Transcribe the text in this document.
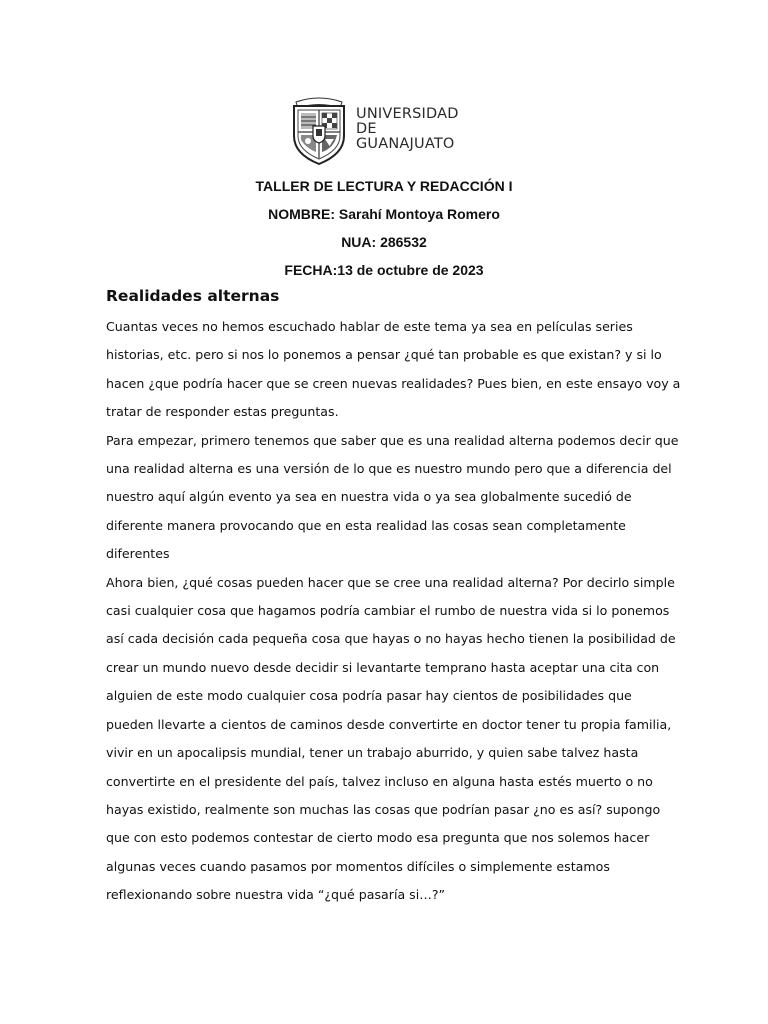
UNIVERSIDAD DE
GUANAJUATO
TALLER DE LECTURA Y REDACCIÓN I
NOMBRE: Sarahí Montoya Romero
NUA: 286532
FECHA:13 de octubre de 2023
Realidades alternas

Cuantas veces no hemos escuchado hablar de este tema ya sea en películas series
historias, etc. pero si nos lo ponemos a pensar ¿qué tan probable es que existan? y si lo
hacen ¿que podría hacer que se creen nuevas realidades? Pues bien, en este ensayo voy a
tratar de responder estas preguntas.

Para empezar, primero tenemos que saber que es una realidad alterna podemos decir que
una realidad alterna es una versión de lo que es nuestro mundo pero que a diferencia del
nuestro aquí algún evento ya sea en nuestra vida o ya sea globalmente sucedió de
diferente manera provocando que en esta realidad las cosas sean completamente
diferentes

Ahora bien, ¿qué cosas pueden hacer que se cree una realidad alterna? Por decirlo simple
casi cualquier cosa que hagamos podría cambiar el rumbo de nuestra vida si lo ponemos
así cada decisión cada pequeña cosa que hayas o no hayas hecho tienen la posibilidad de
crear un mundo nuevo desde decidir si levantarte temprano hasta aceptar una cita con
alguien de este modo cualquier cosa podría pasar hay cientos de posibilidades que
pueden llevarte a cientos de caminos desde convertirte en doctor tener tu propia familia,
vivir en un apocalipsis mundial, tener un trabajo aburrido, y quien sabe talvez hasta
convertirte en el presidente del país, talvez incluso en alguna hasta estés muerto o no
hayas existido, realmente son muchas las cosas que podrían pasar ¿no es así? supongo
que con esto podemos contestar de cierto modo esa pregunta que nos solemos hacer
algunas veces cuando pasamos por momentos difíciles o simplemente estamos
reflexionando sobre nuestra vida “¿qué pasaría si…?”
